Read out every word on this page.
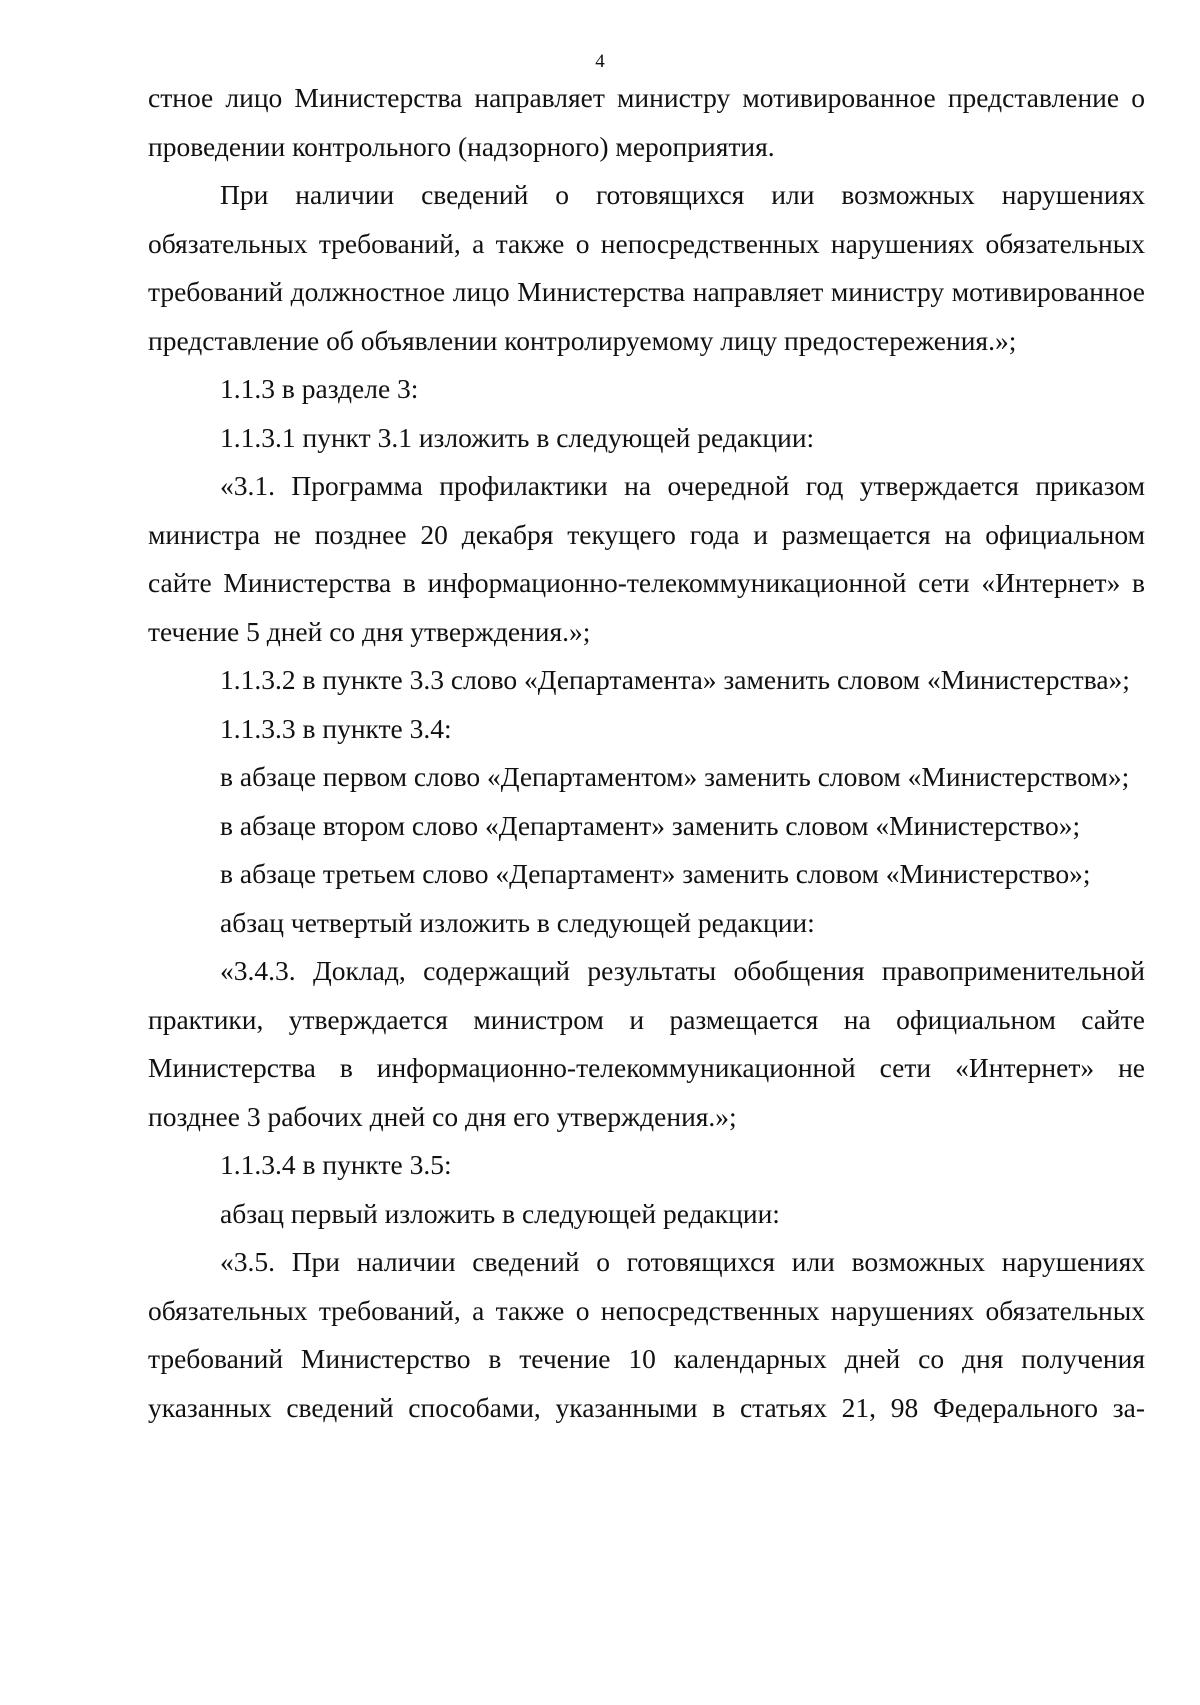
4

стное лицо Министерства направляет министру мотивированное представление о проведении контрольного (надзорного) мероприятия.

При наличии сведений о готовящихся или возможных нарушениях обязательных требований, а также о непосредственных нарушениях обязательных требований должностное лицо Министерства направляет министру мотивированное представление об объявлении контролируемому лицу предостережения.»;

1.1.3 в разделе 3:

1.1.3.1 пункт 3.1 изложить в следующей редакции:

«3.1. Программа профилактики на очередной год утверждается приказом министра не позднее 20 декабря текущего года и размещается на официальном сайте Министерства в информационно-телекоммуникационной сети «Интернет» в течение 5 дней со дня утверждения.»;

1.1.3.2 в пункте 3.3 слово «Департамента» заменить словом «Министерства»;

1.1.3.3 в пункте 3.4:

в абзаце первом слово «Департаментом» заменить словом «Министерством»;

в абзаце втором слово «Департамент» заменить словом «Министерство»;

в абзаце третьем слово «Департамент» заменить словом «Министерство»;

абзац четвертый изложить в следующей редакции:

«3.4.3. Доклад, содержащий результаты обобщения правоприменительной практики, утверждается министром и размещается на официальном сайте Министерства в информационно-телекоммуникационной сети «Интернет» не позднее 3 рабочих дней со дня его утверждения.»;

1.1.3.4 в пункте 3.5:

абзац первый изложить в следующей редакции:

«3.5. При наличии сведений о готовящихся или возможных нарушениях обязательных требований, а также о непосредственных нарушениях обязательных требований Министерство в течение 10 календарных дней со дня получения указанных сведений способами, указанными в статьях 21, 98 Федерального за-
